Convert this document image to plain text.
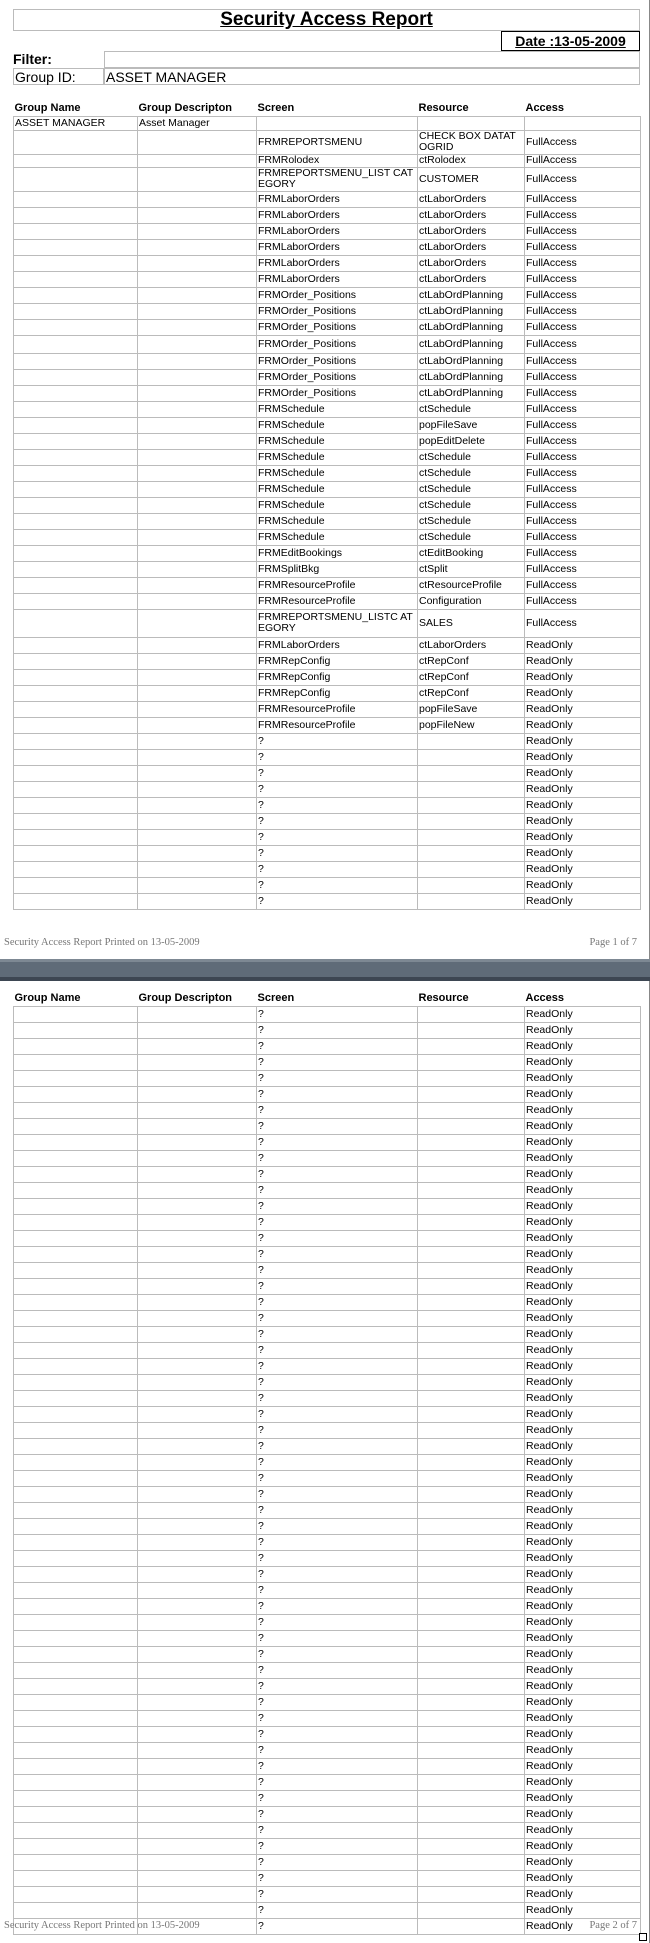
Security Access Report
Date :13-05-2009
Filter:
Group ID:	ASSET MANAGER
Group Name	Group Descripton	Screen	Resource	Access
ASSET MANAGER	Asset Manager			
		FRMREPORTSMENU	CHECK BOX DATATOGRID	FullAccess
		FRMRolodex	ctRolodex	FullAccess
		FRMREPORTSMENU_LIST CATEGORY	CUSTOMER	FullAccess
		FRMLaborOrders	ctLaborOrders	FullAccess
		FRMLaborOrders	ctLaborOrders	FullAccess
		FRMLaborOrders	ctLaborOrders	FullAccess
		FRMLaborOrders	ctLaborOrders	FullAccess
		FRMLaborOrders	ctLaborOrders	FullAccess
		FRMLaborOrders	ctLaborOrders	FullAccess
		FRMOrder_Positions	ctLabOrdPlanning	FullAccess
		FRMOrder_Positions	ctLabOrdPlanning	FullAccess
		FRMOrder_Positions	ctLabOrdPlanning	FullAccess
		FRMOrder_Positions	ctLabOrdPlanning	FullAccess
		FRMOrder_Positions	ctLabOrdPlanning	FullAccess
		FRMOrder_Positions	ctLabOrdPlanning	FullAccess
		FRMOrder_Positions	ctLabOrdPlanning	FullAccess
		FRMSchedule	ctSchedule	FullAccess
		FRMSchedule	popFileSave	FullAccess
		FRMSchedule	popEditDelete	FullAccess
		FRMSchedule	ctSchedule	FullAccess
		FRMSchedule	ctSchedule	FullAccess
		FRMSchedule	ctSchedule	FullAccess
		FRMSchedule	ctSchedule	FullAccess
		FRMSchedule	ctSchedule	FullAccess
		FRMSchedule	ctSchedule	FullAccess
		FRMEditBookings	ctEditBooking	FullAccess
		FRMSplitBkg	ctSplit	FullAccess
		FRMResourceProfile	ctResourceProfile	FullAccess
		FRMResourceProfile	Configuration	FullAccess
		FRMREPORTSMENU_LISTC ATEGORY	SALES	FullAccess
		FRMLaborOrders	ctLaborOrders	ReadOnly
		FRMRepConfig	ctRepConf	ReadOnly
		FRMRepConfig	ctRepConf	ReadOnly
		FRMRepConfig	ctRepConf	ReadOnly
		FRMResourceProfile	popFileSave	ReadOnly
		FRMResourceProfile	popFileNew	ReadOnly
		?		ReadOnly
		?		ReadOnly
		?		ReadOnly
		?		ReadOnly
		?		ReadOnly
		?		ReadOnly
		?		ReadOnly
		?		ReadOnly
		?		ReadOnly
		?		ReadOnly
		?		ReadOnly
Security Access Report Printed on 13-05-2009	Page 1 of 7
Group Name	Group Descripton	Screen	Resource	Access
		?		ReadOnly
		?		ReadOnly
		?		ReadOnly
		?		ReadOnly
		?		ReadOnly
		?		ReadOnly
		?		ReadOnly
		?		ReadOnly
		?		ReadOnly
		?		ReadOnly
		?		ReadOnly
		?		ReadOnly
		?		ReadOnly
		?		ReadOnly
		?		ReadOnly
		?		ReadOnly
		?		ReadOnly
		?		ReadOnly
		?		ReadOnly
		?		ReadOnly
		?		ReadOnly
		?		ReadOnly
		?		ReadOnly
		?		ReadOnly
		?		ReadOnly
		?		ReadOnly
		?		ReadOnly
		?		ReadOnly
		?		ReadOnly
		?		ReadOnly
		?		ReadOnly
		?		ReadOnly
		?		ReadOnly
		?		ReadOnly
		?		ReadOnly
		?		ReadOnly
		?		ReadOnly
		?		ReadOnly
		?		ReadOnly
		?		ReadOnly
		?		ReadOnly
		?		ReadOnly
		?		ReadOnly
		?		ReadOnly
		?		ReadOnly
		?		ReadOnly
		?		ReadOnly
		?		ReadOnly
		?		ReadOnly
		?		ReadOnly
		?		ReadOnly
		?		ReadOnly
		?		ReadOnly
		?		ReadOnly
		?		ReadOnly
		?		ReadOnly
		?		ReadOnly
		?		ReadOnly
Security Access Report Printed on 13-05-2009	Page 2 of 7
